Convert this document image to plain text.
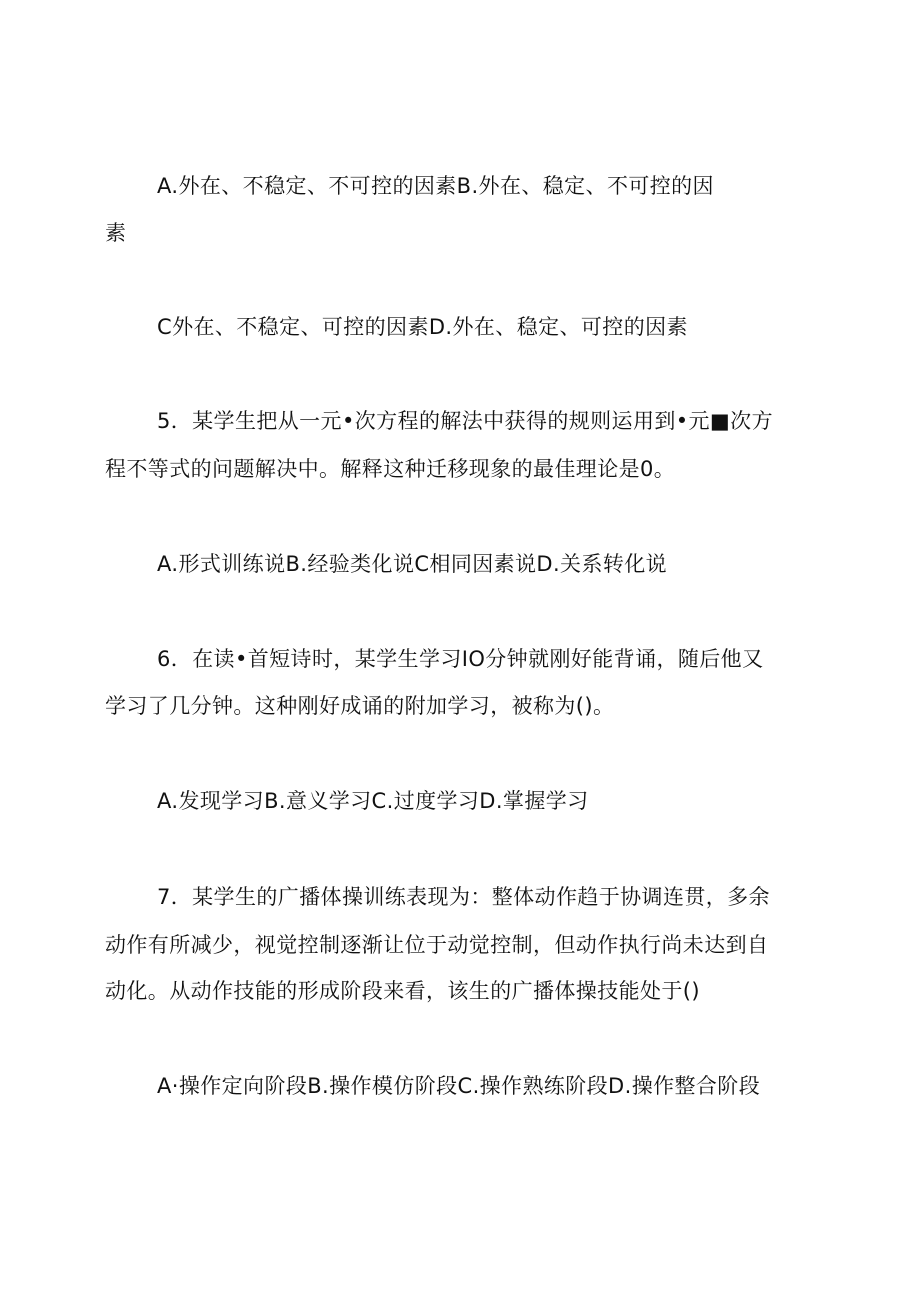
A.外在、不稳定、不可控的因素B.外在、稳定、不可控的因
素
C外在、不稳定、可控的因素D.外在、稳定、可控的因素
5．某学生把从一元•次方程的解法中获得的规则运用到•元■次方
程不等式的问题解决中。解释这种迁移现象的最佳理论是0。
A.形式训练说B.经验类化说C相同因素说D.关系转化说
6．在读•首短诗时，某学生学习IO分钟就刚好能背诵，随后他又
学习了几分钟。这种刚好成诵的附加学习，被称为()。
A.发现学习B.意义学习C.过度学习D.掌握学习
7．某学生的广播体操训练表现为：整体动作趋于协调连贯，多余
动作有所减少，视觉控制逐渐让位于动觉控制，但动作执行尚未达到自
动化。从动作技能的形成阶段来看，该生的广播体操技能处于()
A·操作定向阶段B.操作模仿阶段C.操作熟练阶段D.操作整合阶段
